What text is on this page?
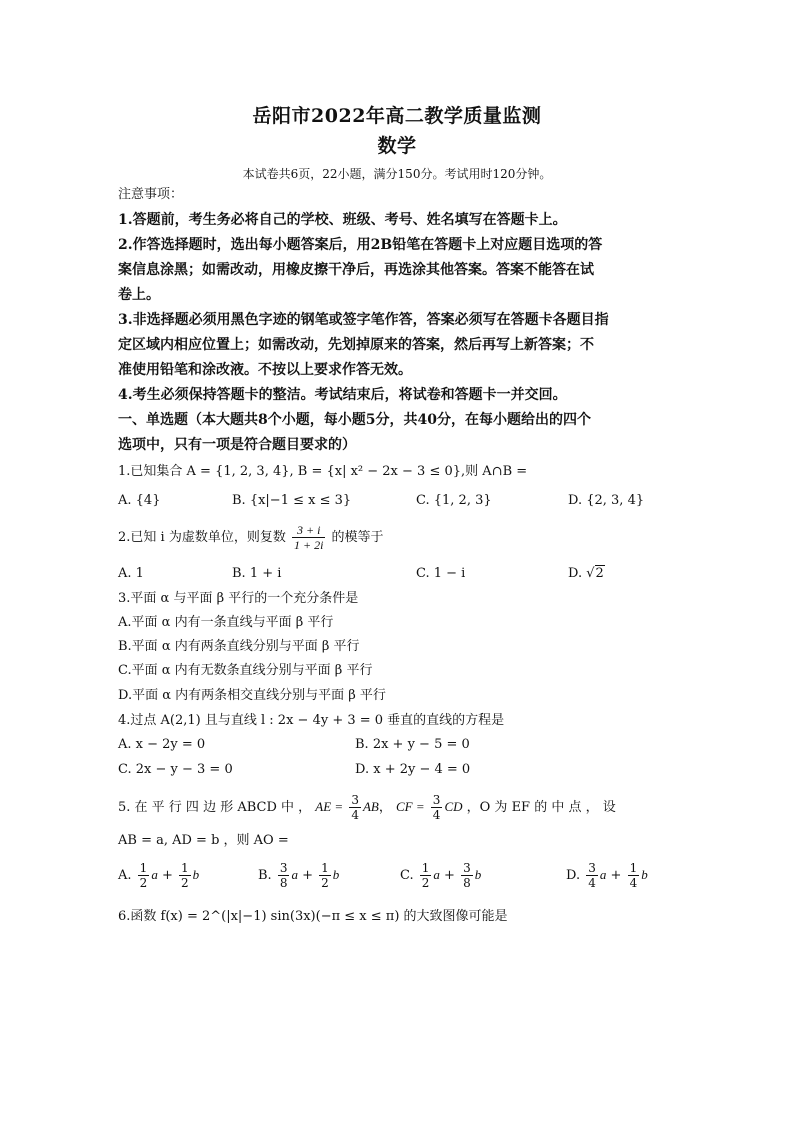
岳阳市2022年高二教学质量监测
数学
本试卷共6页，22小题，满分150分。考试用时120分钟。
注意事项：
1.答题前，考生务必将自己的学校、班级、考号、姓名填写在答题卡上。
2.作答选择题时，选出每小题答案后，用2B铅笔在答题卡上对应题目选项的答
案信息涂黑；如需改动，用橡皮擦干净后，再选涂其他答案。答案不能答在试
卷上。
3.非选择题必须用黑色字迹的钢笔或签字笔作答，答案必须写在答题卡各题目指
定区域内相应位置上；如需改动，先划掉原来的答案，然后再写上新答案；不
准使用铅笔和涂改液。不按以上要求作答无效。
4.考生必须保持答题卡的整洁。考试结束后，将试卷和答题卡一并交回。
一、单选题（本大题共8个小题，每小题5分，共40分，在每小题给出的四个
选项中，只有一项是符合题目要求的）
1.已知集合 A = {1, 2, 3, 4}, B = {x| x² − 2x − 3 ≤ 0},则 A∩B =
A. {4}	B. {x|−1 ≤ x ≤ 3}	C. {1, 2, 3}	D. {2, 3, 4}
2.已知 i 为虚数单位，则复数 $\frac{3 + i}{1 + 2i}$ 的模等于
A. 1	B. 1 + i	C. 1 − i	D. √2
3.平面 α 与平面 β 平行的一个充分条件是
A.平面 α 内有一条直线与平面 β 平行
B.平面 α 内有两条直线分别与平面 β 平行
C.平面 α 内有无数条直线分别与平面 β 平行
D.平面 α 内有两条相交直线分别与平面 β 平行
4.过点 A(2,1) 且与直线 l : 2x − 4y + 3 = 0 垂直的直线的方程是
A. x − 2y = 0	B. 2x + y − 5 = 0
C. 2x − y − 3 = 0	D. x + 2y − 4 = 0
5. 在 平 行 四 边 形 ABCD 中 ， AE = $\frac{3}{4}$ AB， CF = $\frac{3}{4}$ CD ，O 为 EF 的 中 点 ， 设
AB = a, AD = b ，则 AO =
A. $\frac{1}{2}$ $a + \frac{1}{2}$ b	B. $\frac{3}{8}$ $a + \frac{1}{2}$ b	C. $\frac{1}{2}$ $a + \frac{3}{8}$ b	D. $\frac{3}{4}$ $a + \frac{1}{4}$ b
6.函数 f(x) = 2^(|x|−1) sin(3x)(−π ≤ x ≤ π) 的大致图像可能是
